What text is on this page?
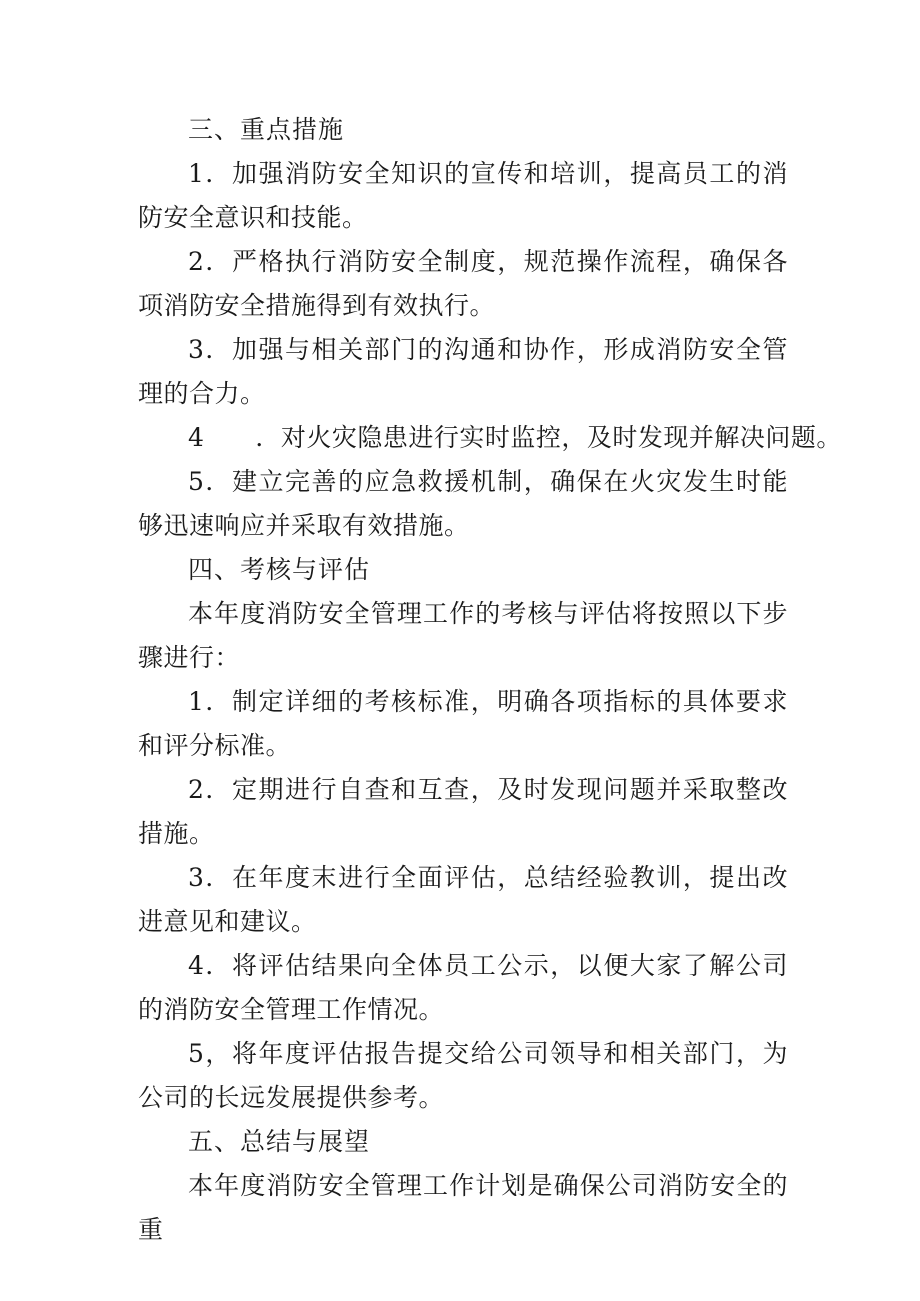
三、重点措施

1．加强消防安全知识的宣传和培训，提高员工的消防安全意识和技能。

2．严格执行消防安全制度，规范操作流程，确保各项消防安全措施得到有效执行。

3．加强与相关部门的沟通和协作，形成消防安全管理的合力。

4　　．对火灾隐患进行实时监控，及时发现并解决问题。

5．建立完善的应急救援机制，确保在火灾发生时能够迅速响应并采取有效措施。

四、考核与评估

本年度消防安全管理工作的考核与评估将按照以下步骤进行：

1．制定详细的考核标准，明确各项指标的具体要求和评分标准。

2．定期进行自查和互查，及时发现问题并采取整改措施。

3．在年度末进行全面评估，总结经验教训，提出改进意见和建议。

4．将评估结果向全体员工公示，以便大家了解公司的消防安全管理工作情况。

5，将年度评估报告提交给公司领导和相关部门，为公司的长远发展提供参考。

五、总结与展望

本年度消防安全管理工作计划是确保公司消防安全的重
